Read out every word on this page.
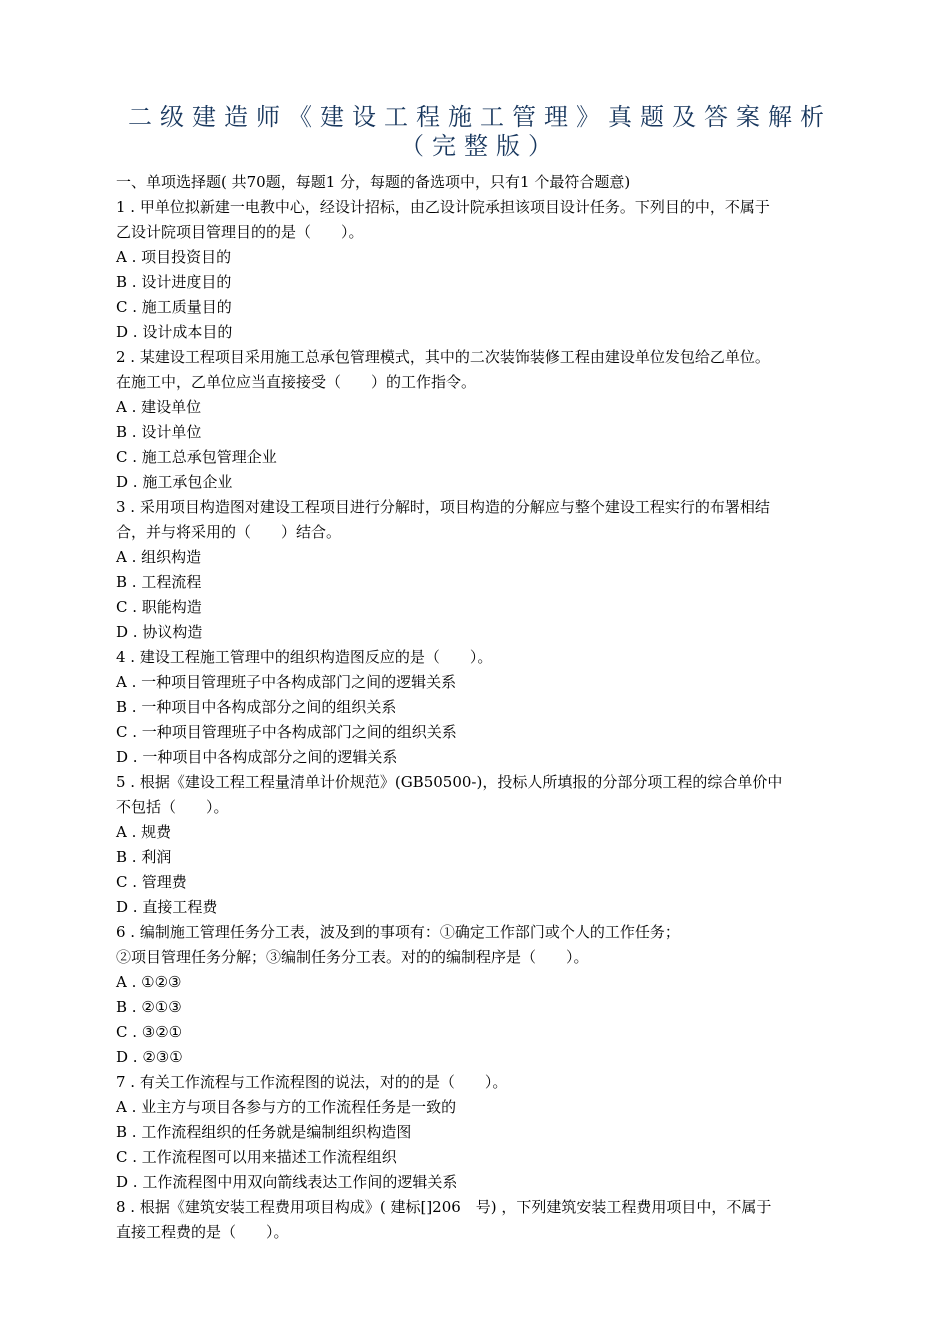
二级建造师《建设工程施工管理》真题及答案解析
（完整版）
一、单项选择题( 共70题，每题1 分，每题的备选项中，只有1 个最符合题意)
1 . 甲单位拟新建一电教中心，经设计招标，由乙设计院承担该项目设计任务。下列目的中，不属于
乙设计院项目管理目的的是（　　）。
A . 项目投资目的
B . 设计进度目的
C . 施工质量目的
D . 设计成本目的
2 . 某建设工程项目采用施工总承包管理模式，其中的二次装饰装修工程由建设单位发包给乙单位。
在施工中，乙单位应当直接接受（　　）的工作指令。
A . 建设单位
B . 设计单位
C . 施工总承包管理企业
D . 施工承包企业
3 . 采用项目构造图对建设工程项目进行分解时，项目构造的分解应与整个建设工程实行的布署相结
合，并与将采用的（　　）结合。
A . 组织构造
B . 工程流程
C . 职能构造
D . 协议构造
4 . 建设工程施工管理中的组织构造图反应的是（　　）。
A . 一种项目管理班子中各构成部门之间的逻辑关系
B . 一种项目中各构成部分之间的组织关系
C . 一种项目管理班子中各构成部门之间的组织关系
D . 一种项目中各构成部分之间的逻辑关系
5 . 根据《建设工程工程量清单计价规范》(GB50500-)，投标人所填报的分部分项工程的综合单价中
不包括（　　）。
A . 规费
B . 利润
C . 管理费
D . 直接工程费
6 . 编制施工管理任务分工表，波及到的事项有：①确定工作部门或个人的工作任务；
②项目管理任务分解；③编制任务分工表。对的的编制程序是（　　）。
A . ①②③
B . ②①③
C . ③②①
D . ②③①
7 . 有关工作流程与工作流程图的说法，对的的是（　　）。
A . 业主方与项目各参与方的工作流程任务是一致的
B . 工作流程组织的任务就是编制组织构造图
C . 工作流程图可以用来描述工作流程组织
D . 工作流程图中用双向箭线表达工作间的逻辑关系
8 . 根据《建筑安装工程费用项目构成》( 建标[]206　号) ，下列建筑安装工程费用项目中，不属于
直接工程费的是（　　）。
